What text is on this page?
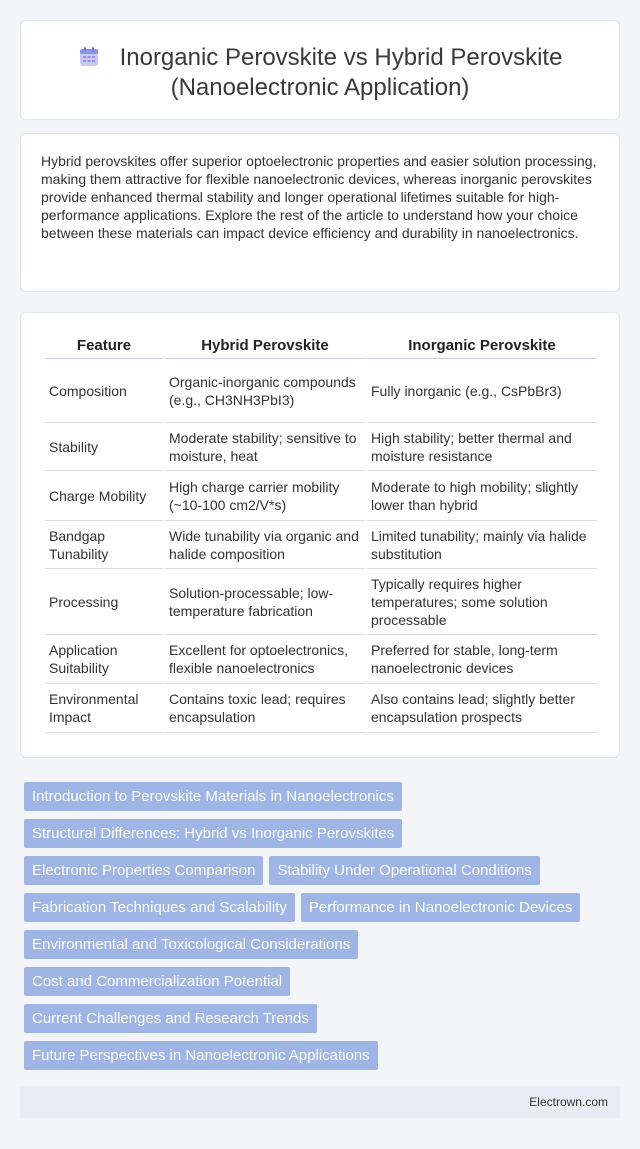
Inorganic Perovskite vs Hybrid Perovskite
(Nanoelectronic Application)

Hybrid perovskites offer superior optoelectronic properties and easier solution processing, making them attractive for flexible nanoelectronic devices, whereas inorganic perovskites provide enhanced thermal stability and longer operational lifetimes suitable for high-performance applications. Explore the rest of the article to understand how your choice between these materials can impact device efficiency and durability in nanoelectronics.

Feature	Hybrid Perovskite	Inorganic Perovskite
Composition	Organic-inorganic compounds (e.g., CH3NH3PbI3)	Fully inorganic (e.g., CsPbBr3)
Stability	Moderate stability; sensitive to moisture, heat	High stability; better thermal and moisture resistance
Charge Mobility	High charge carrier mobility (~10-100 cm2/V*s)	Moderate to high mobility; slightly lower than hybrid
Bandgap Tunability	Wide tunability via organic and halide composition	Limited tunability; mainly via halide substitution
Processing	Solution-processable; low-temperature fabrication	Typically requires higher temperatures; some solution processable
Application Suitability	Excellent for optoelectronics, flexible nanoelectronics	Preferred for stable, long-term nanoelectronic devices
Environmental Impact	Contains toxic lead; requires encapsulation	Also contains lead; slightly better encapsulation prospects
Introduction to Perovskite Materials in Nanoelectronics
Structural Differences: Hybrid vs Inorganic Perovskites
Electronic Properties Comparison Stability Under Operational Conditions
Fabrication Techniques and Scalability Performance in Nanoelectronic Devices
Environmental and Toxicological Considerations
Cost and Commercialization Potential
Current Challenges and Research Trends
Future Perspectives in Nanoelectronic Applications
Electrown.com
